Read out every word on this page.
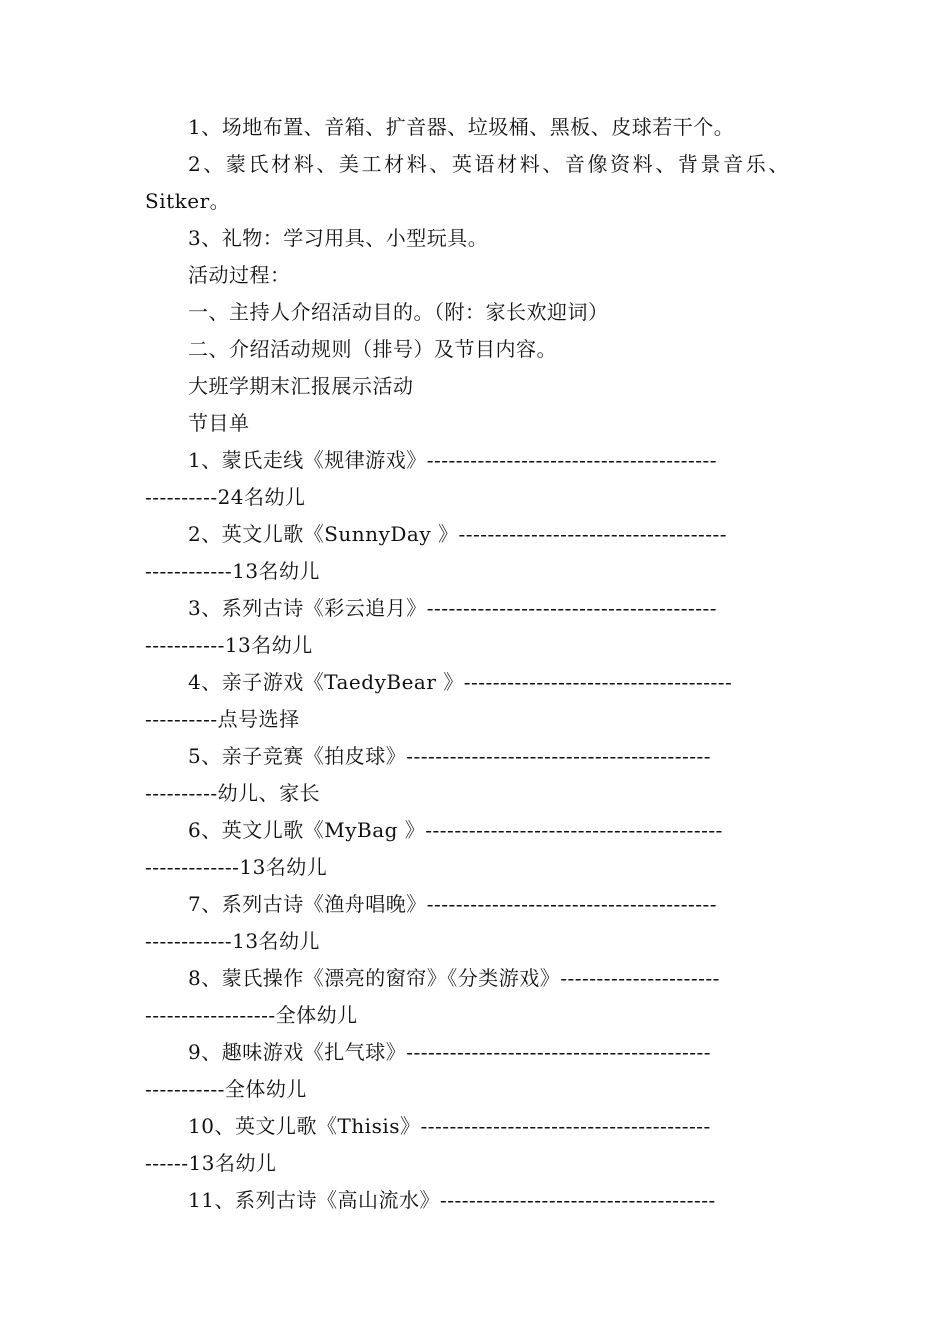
1、场地布置、音箱、扩音器、垃圾桶、黑板、皮球若干个。
2、蒙氏材料、美工材料、英语材料、音像资料、背景音乐、
Sitker。
3、礼物：学习用具、小型玩具。
活动过程：
一、主持人介绍活动目的。（附：家长欢迎词）
二、介绍活动规则（排号）及节目内容。
大班学期末汇报展示活动
节目单
1、蒙氏走线《规律游戏》----------------------------------------
----------24名幼儿
2、英文儿歌《SunnyDay 》-------------------------------------
------------13名幼儿
3、系列古诗《彩云追月》----------------------------------------
-----------13名幼儿
4、亲子游戏《TaedyBear 》-------------------------------------
----------点号选择
5、亲子竞赛《拍皮球》------------------------------------------
----------幼儿、家长
6、英文儿歌《MyBag 》-----------------------------------------
-------------13名幼儿
7、系列古诗《渔舟唱晚》----------------------------------------
------------13名幼儿
8、蒙氏操作《漂亮的窗帘》《分类游戏》----------------------
------------------全体幼儿
9、趣味游戏《扎气球》------------------------------------------
-----------全体幼儿
10、英文儿歌《Thisis》----------------------------------------
------13名幼儿
11、系列古诗《高山流水》--------------------------------------
